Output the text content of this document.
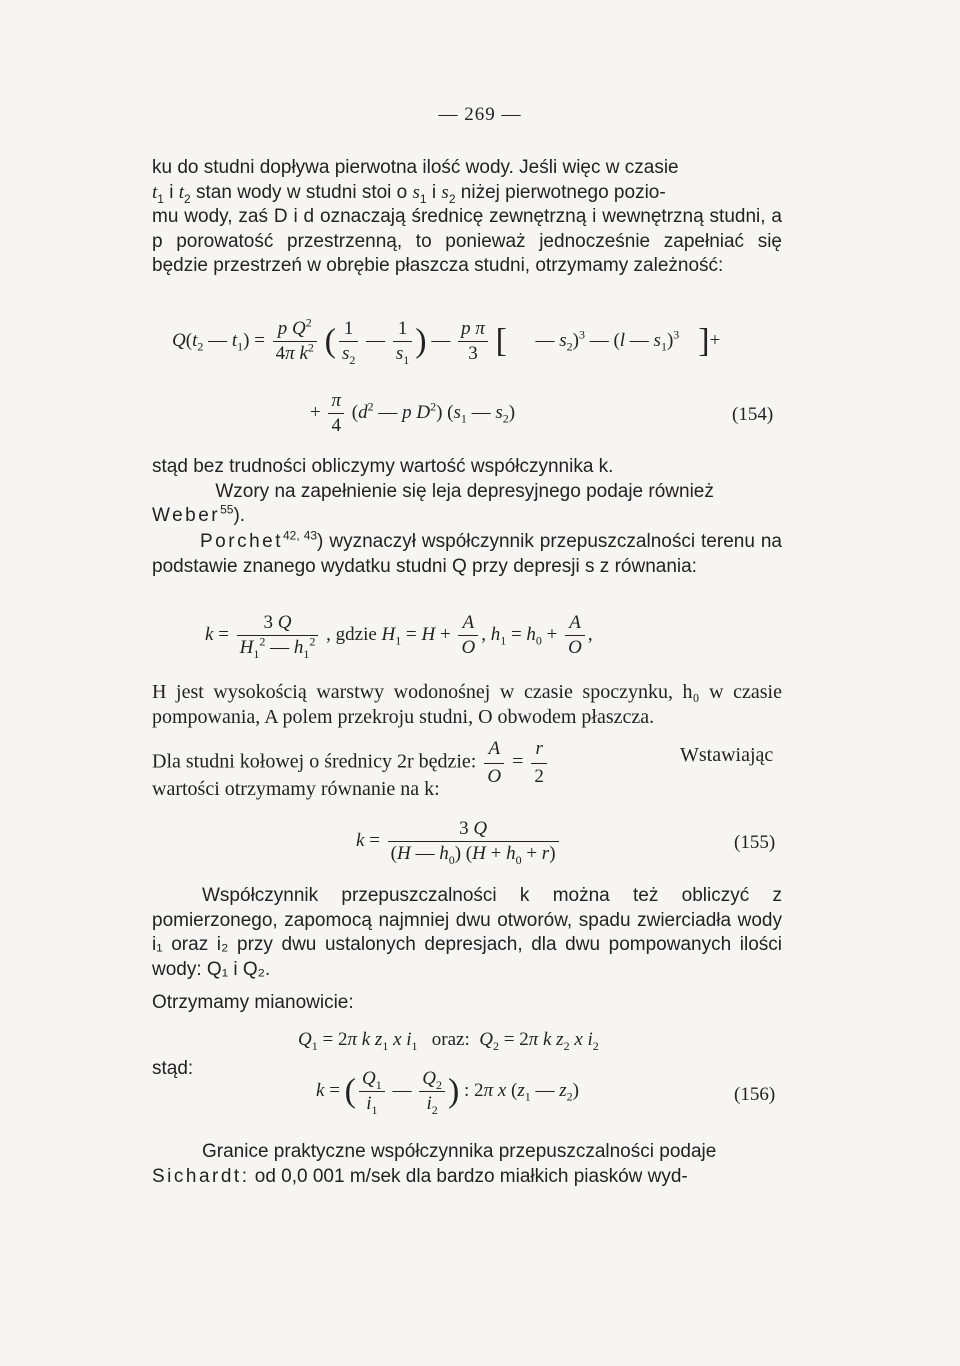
— 269 —

ku do studni dopływa pierwotna ilość wody. Jeśli więc w czasie
$t_1$ i $t_2$ stan wody w studni stoi o $s_1$ i $s_2$ niżej pierwotnego pozio-
mu wody, zaś D i d oznaczają średnicę zewnętrzną i wewnętrzną studni, a p porowatość przestrzenną, to ponieważ jednocześnie zapełniać się będzie przestrzeń w obrębie płaszcza studni, otrzymamy zależność:

$Q(t_2$ — $t_1) = \frac{p Q^2}{4\pi k^2}$ ( $\frac{1}{s_2}$ — $\frac{1}{s_1}$ ) — $\frac{\text{p π}}{3}$ [      — $s_2)^3$ — (l — $s_1)^3$ ]+
+ $\frac{\pi}{4} (d^2$ — p $D^2$) ($s_1$ — $s_2$)	(154)

stąd bez trudności obliczymy wartość współczynnika k.
Wzory na zapełnienie się leja depresyjnego podaje również
Weber$^{55}$).

Porchet$^{42, 43}$) wyznaczył współczynnik przepuszczalności terenu na podstawie znanego wydatku studni Q przy depresji s z równania:

$k = \frac{3 Q}{H_1^2 — h_1^2}$ , gdzie $H_1 = H + \frac{A}{O}$ , $h_1 = h_0 + \frac{A}{O}$ ,

H jest wysokością warstwy wodonośnej w czasie spoczynku, h₀ w czasie pompowania, A polem przekroju studni, O obwodem płaszcza.

Dla studni kołowej o średnicy 2r będzie: $\frac{A}{O} = \frac{r}{2}$	Wstawiając

wartości otrzymamy równanie na k:

$k = \frac{3 Q}{(H — h_0) (H + h_0 + r)}$	(155)

Współczynnik przepuszczalności k można też obliczyć z pomierzonego, zapomocą najmniej dwu otworów, spadu zwierciadła wody i₁ oraz i₂ przy dwu ustalonych depresjach, dla dwu pompowanych ilości wody: Q₁ i Q₂.

Otrzymamy mianowicie:

$Q_1 = 2\pi$ k $z_1$ x $i_1$ oraz: $Q_2 = 2\pi$ k $z_2$ x $i_2$

stąd:

k = ( $\frac{Q_1}{i_1}$ — $\frac{Q_2}{i_2}$ ) : 2π x ($z_1$ — $z_2$)	(156)

Granice praktyczne współczynnika przepuszczalności podaje

Sichardt: od 0,0 001 m/sek dla bardzo miałkich piasków wyd-
